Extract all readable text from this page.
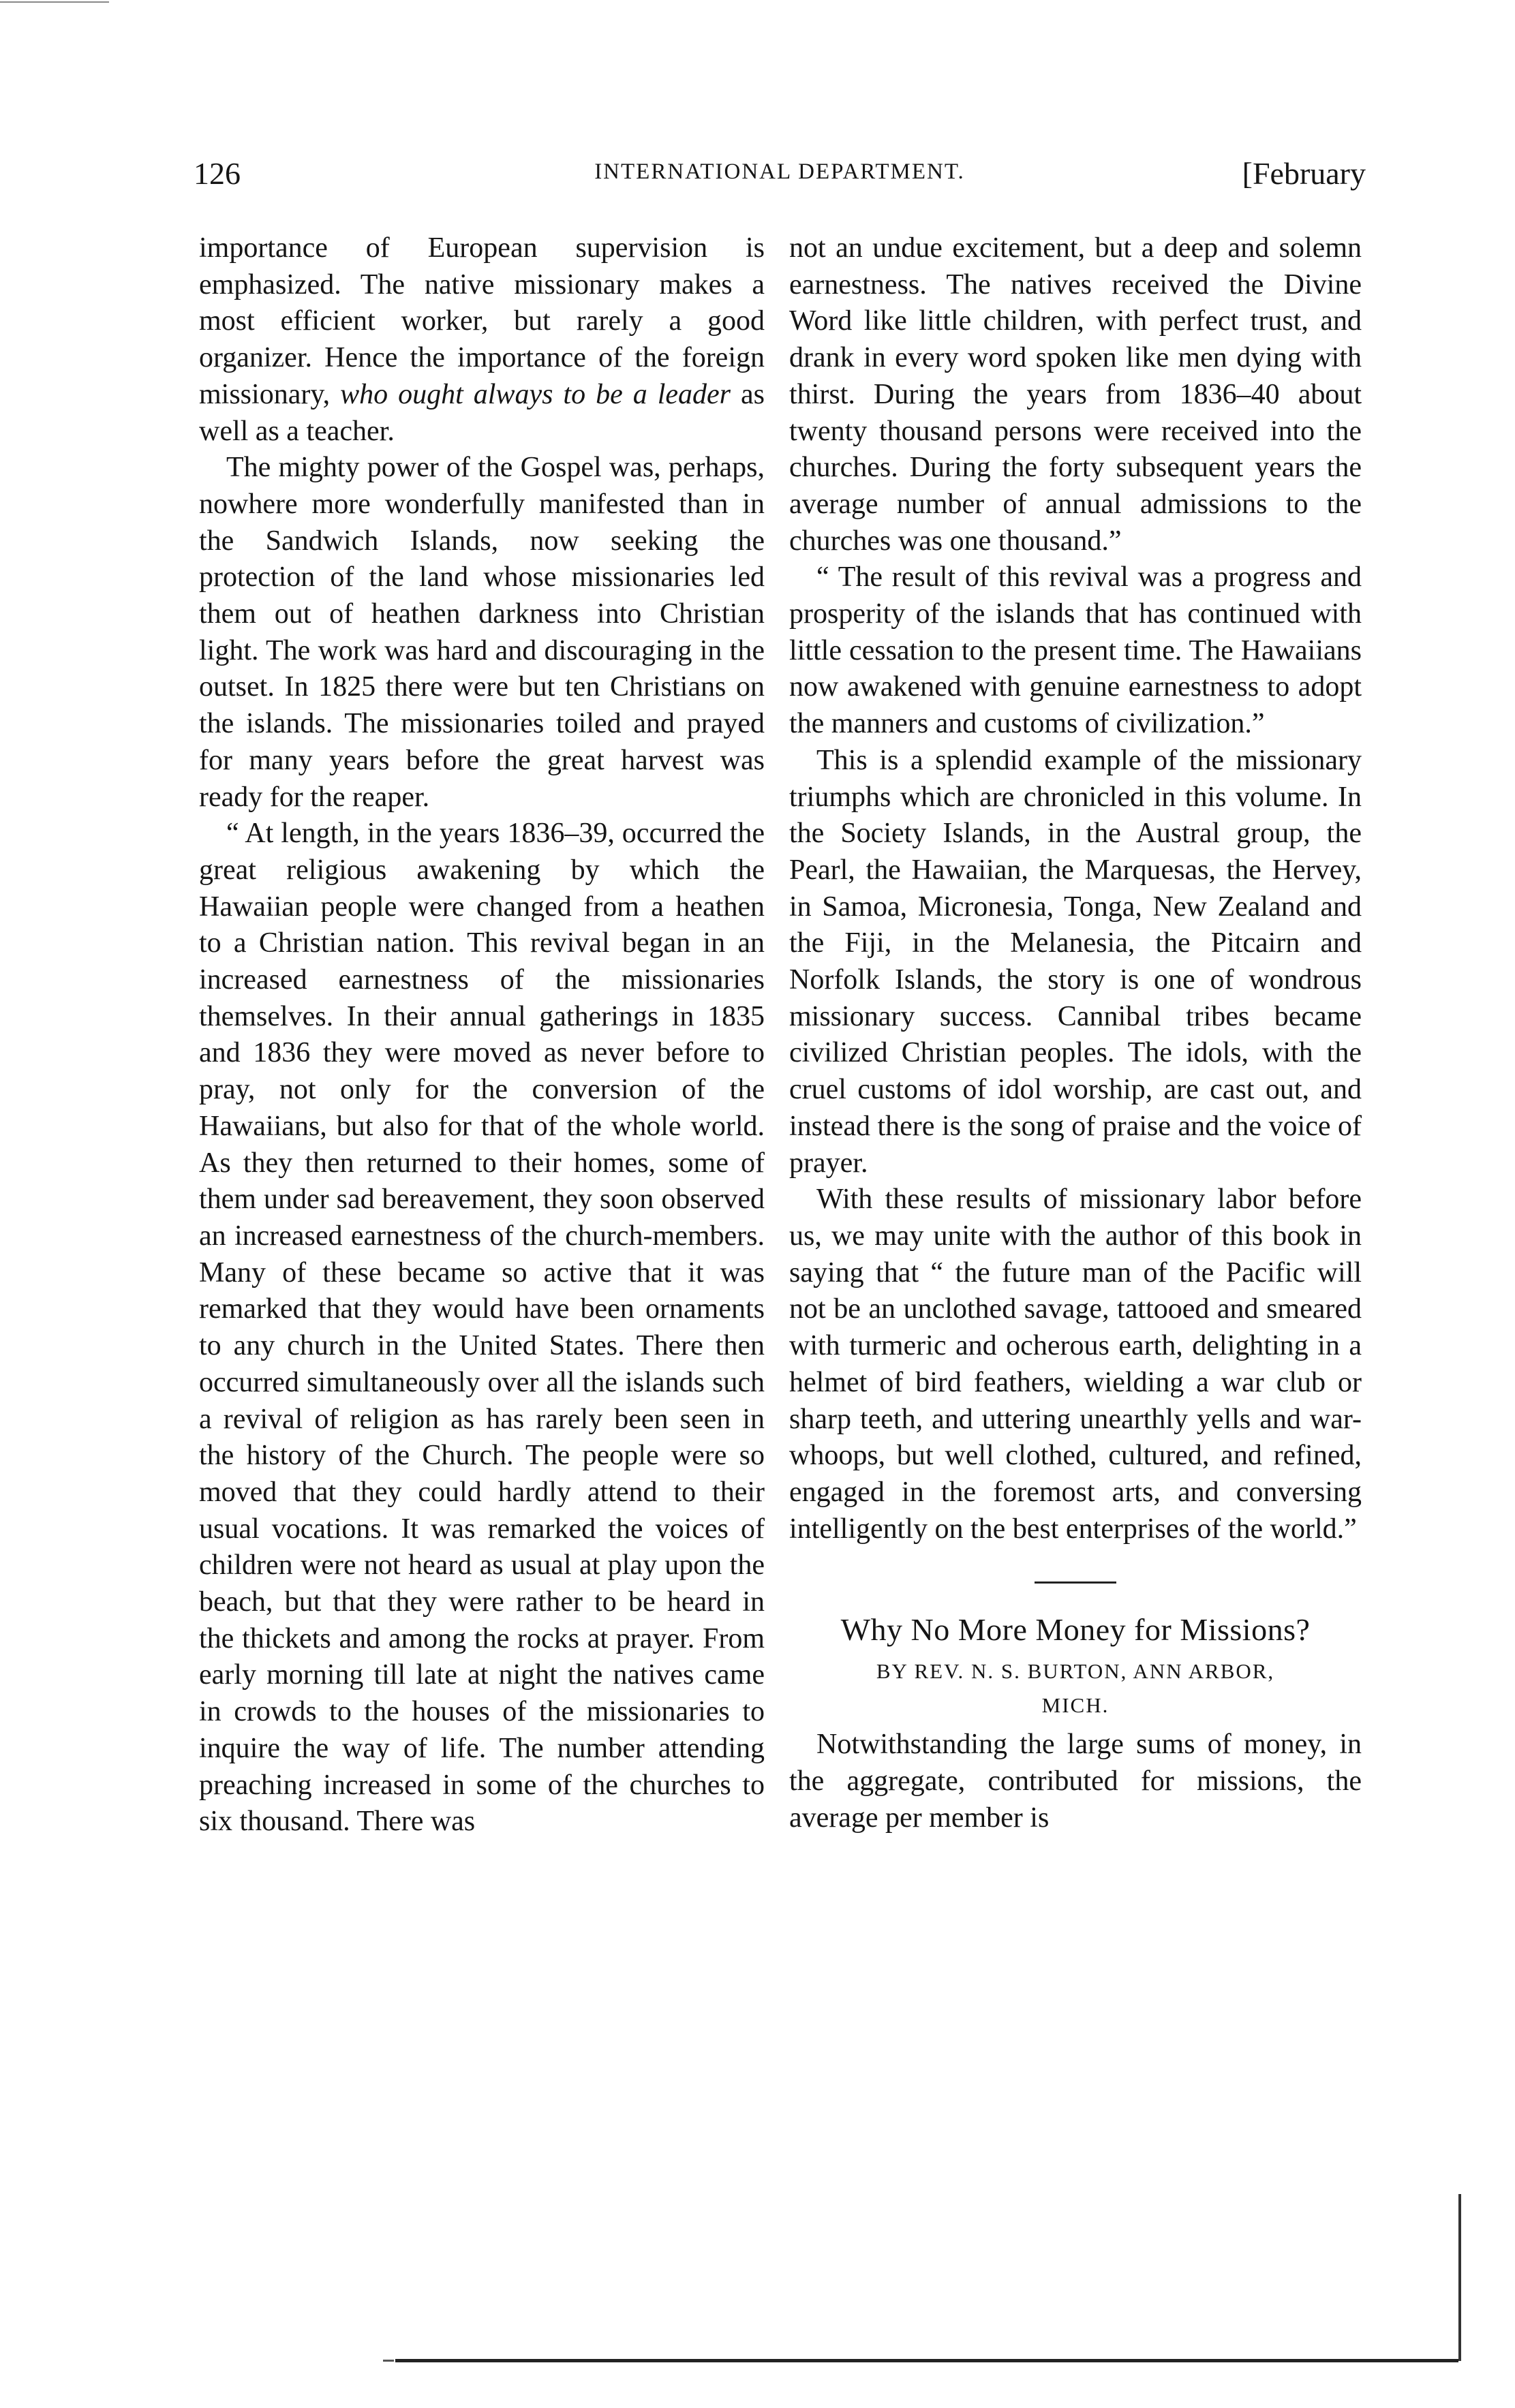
126	INTERNATIONAL DEPARTMENT.	[February

importance of European supervision is emphasized. The native missionary makes a most efficient worker, but rarely a good organizer. Hence the importance of the foreign missionary, who ought always to be a leader as well as a teacher.

The mighty power of the Gospel was, perhaps, nowhere more wonderfully manifested than in the Sandwich Islands, now seeking the protection of the land whose missionaries led them out of heathen darkness into Christian light. The work was hard and discouraging in the outset. In 1825 there were but ten Christians on the islands. The missionaries toiled and prayed for many years before the great harvest was ready for the reaper.

“ At length, in the years 1836–39, occurred the great religious awakening by which the Hawaiian people were changed from a heathen to a Christian nation. This revival began in an increased earnestness of the missionaries themselves. In their annual gatherings in 1835 and 1836 they were moved as never before to pray, not only for the conversion of the Hawaiians, but also for that of the whole world. As they then returned to their homes, some of them under sad bereavement, they soon observed an increased earnestness of the church-members. Many of these became so active that it was remarked that they would have been ornaments to any church in the United States. There then occurred simultaneously over all the islands such a revival of religion as has rarely been seen in the history of the Church. The people were so moved that they could hardly attend to their usual vocations. It was remarked the voices of children were not heard as usual at play upon the beach, but that they were rather to be heard in the thickets and among the rocks at prayer. From early morning till late at night the natives came in crowds to the houses of the missionaries to inquire the way of life. The number attending preaching increased in some of the churches to six thousand. There was

not an undue excitement, but a deep and solemn earnestness. The natives received the Divine Word like little children, with perfect trust, and drank in every word spoken like men dying with thirst. During the years from 1836–40 about twenty thousand persons were received into the churches. During the forty subsequent years the average number of annual admissions to the churches was one thousand.”

“ The result of this revival was a progress and prosperity of the islands that has continued with little cessation to the present time. The Hawaiians now awakened with genuine earnestness to adopt the manners and customs of civilization.”

This is a splendid example of the missionary triumphs which are chronicled in this volume. In the Society Islands, in the Austral group, the Pearl, the Hawaiian, the Marquesas, the Hervey, in Samoa, Micronesia, Tonga, New Zealand and the Fiji, in the Melanesia, the Pitcairn and Norfolk Islands, the story is one of wondrous missionary success. Cannibal tribes became civilized Christian peoples. The idols, with the cruel customs of idol worship, are cast out, and instead there is the song of praise and the voice of prayer.

With these results of missionary labor before us, we may unite with the author of this book in saying that “ the future man of the Pacific will not be an unclothed savage, tattooed and smeared with turmeric and ocherous earth, delighting in a helmet of bird feathers, wielding a war club or sharp teeth, and uttering unearthly yells and war-whoops, but well clothed, cultured, and refined, engaged in the foremost arts, and conversing intelligently on the best enterprises of the world.”

Why No More Money for Missions?
BY REV. N. S. BURTON, ANN ARBOR,
MICH.

Notwithstanding the large sums of money, in the aggregate, contributed for missions, the average per member is
